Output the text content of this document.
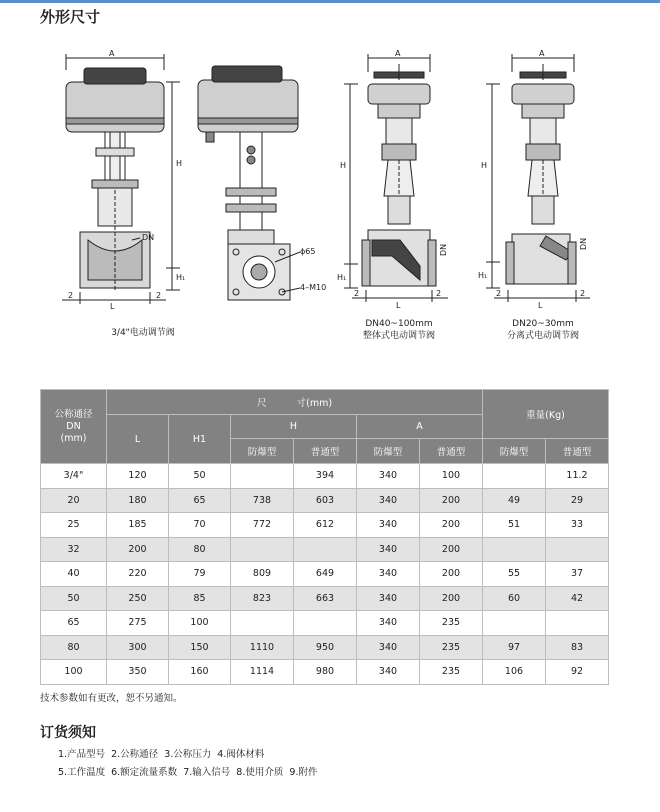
外形尺寸
A
H
H₁
L
2	2
DN
ϕ65
4–M10
A
H
H₁
L
2	2
DN
A
H
H₁
L
2	2
DN
3/4"电动调节阀
DN40~100mm
整体式电动调节阀
DN20~30mm
分离式电动调节阀
公称通径
DN
(mm)	尺          寸(mm)						重量(Kg)	
	L	H1	H		A			
			防爆型	普通型	防爆型	普通型	防爆型	普通型
3/4"	120	50		394	340	100		11.2
20	180	65	738	603	340	200	49	29
25	185	70	772	612	340	200	51	33
32	200	80			340	200		
40	220	79	809	649	340	200	55	37
50	250	85	823	663	340	200	60	42
65	275	100			340	235		
80	300	150	1110	950	340	235	97	83
100	350	160	1114	980	340	235	106	92
技术参数如有更改，恕不另通知。
订货须知
1.产品型号  2.公称通径  3.公称压力  4.阀体材料
5.工作温度  6.额定流量系数  7.输入信号  8.使用介质  9.附件
